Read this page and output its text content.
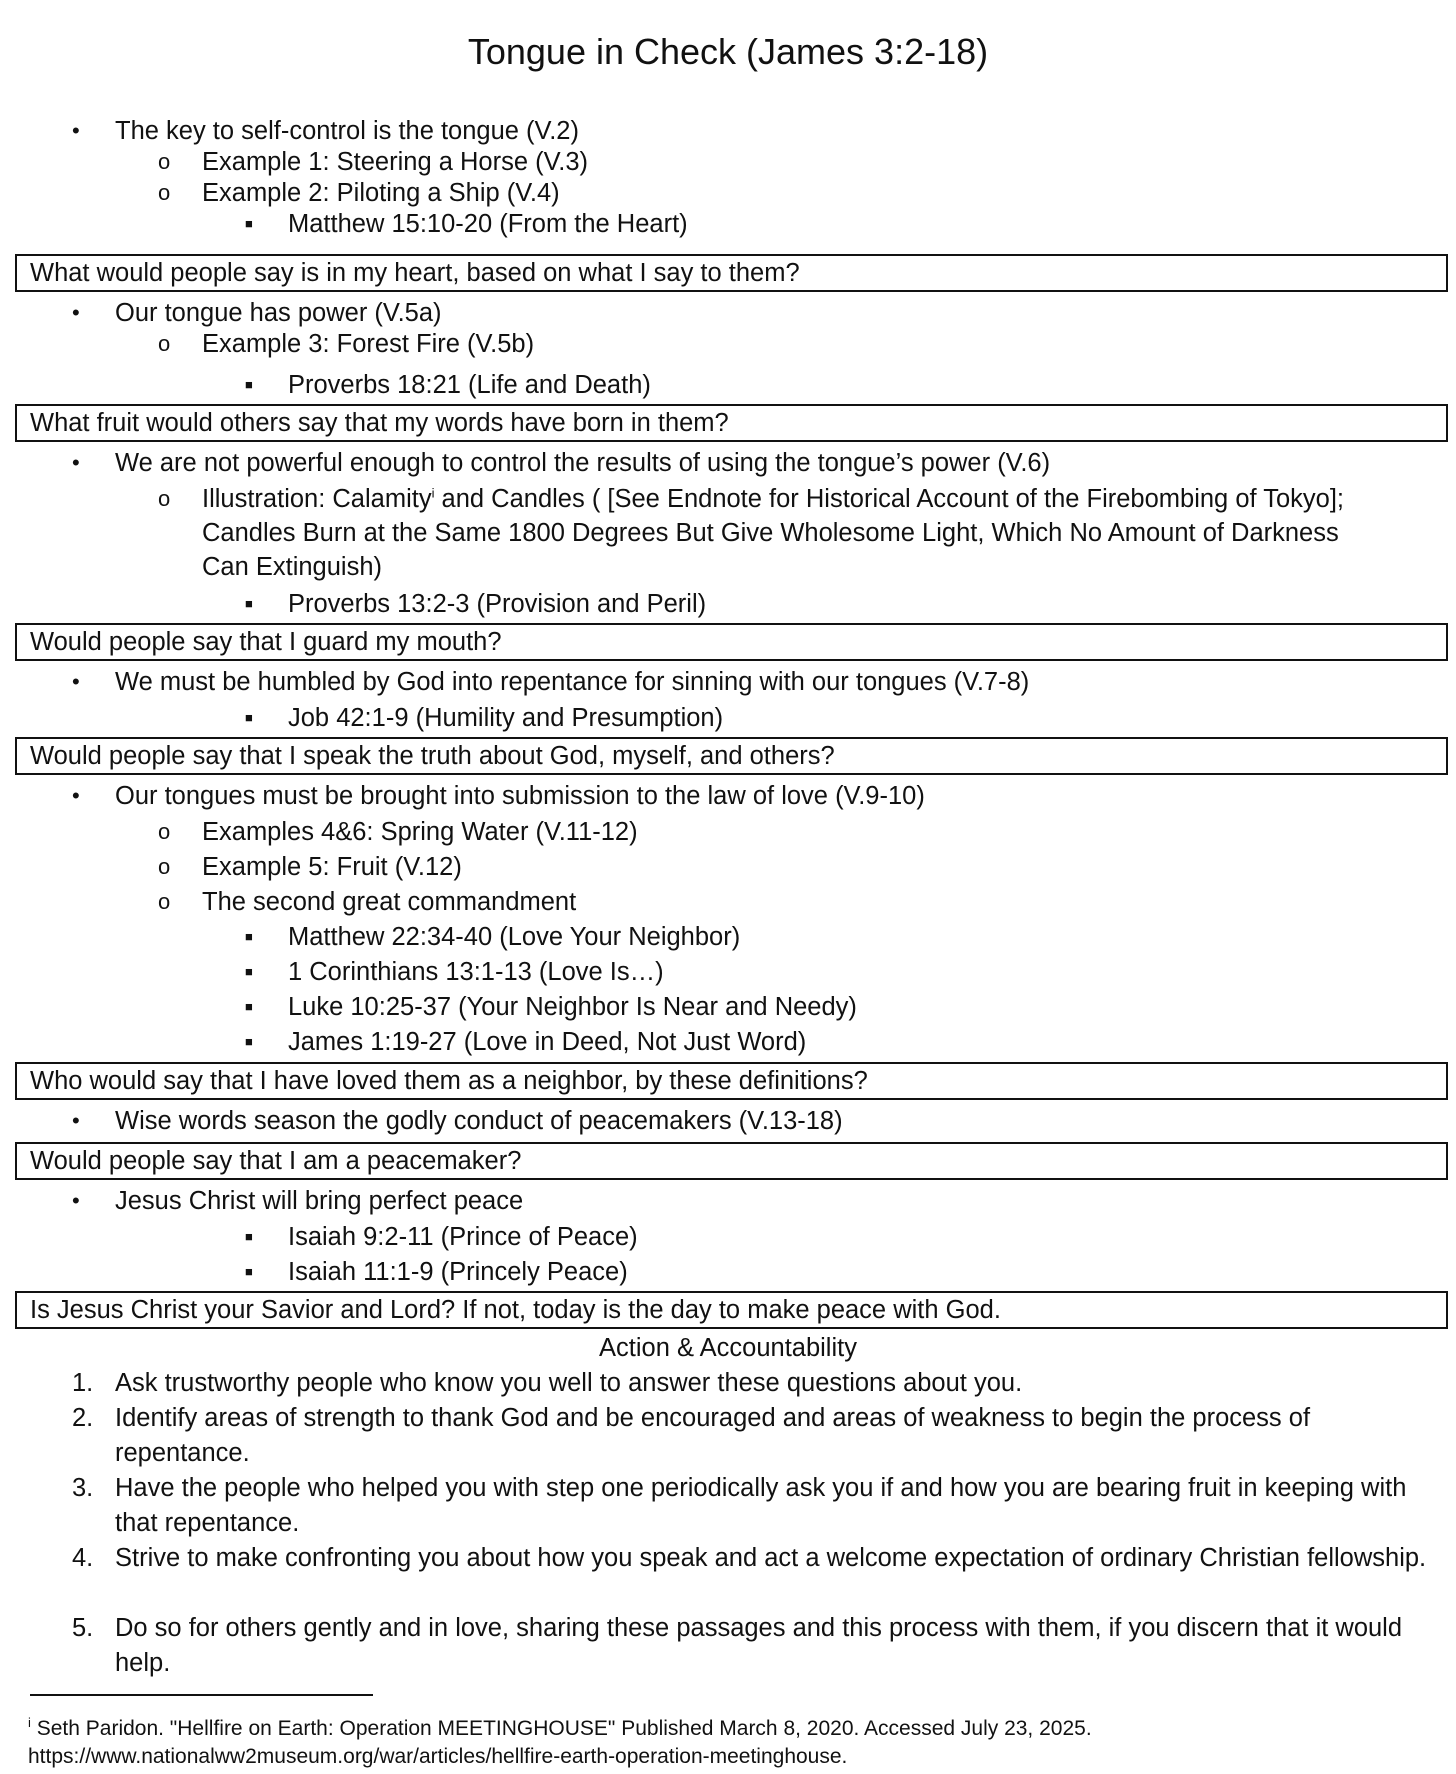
Tongue in Check (James 3:2-18)
• The key to self-control is the tongue (V.2)
o Example 1: Steering a Horse (V.3)
o Example 2: Piloting a Ship (V.4)
■ Matthew 15:10-20 (From the Heart)
What would people say is in my heart, based on what I say to them?
• Our tongue has power (V.5a)
o Example 3: Forest Fire (V.5b)
■ Proverbs 18:21 (Life and Death)
What fruit would others say that my words have born in them?
• We are not powerful enough to control the results of using the tongue’s power (V.6)
o Illustration: Calamity$^i$ and Candles ( [See Endnote for Historical Account of the Firebombing of Tokyo]; Candles Burn at the Same 1800 Degrees But Give Wholesome Light, Which No Amount of Darkness Can Extinguish)
■ Proverbs 13:2-3 (Provision and Peril)
Would people say that I guard my mouth?
• We must be humbled by God into repentance for sinning with our tongues (V.7-8)
■ Job 42:1-9 (Humility and Presumption)
Would people say that I speak the truth about God, myself, and others?
• Our tongues must be brought into submission to the law of love (V.9-10)
o Examples 4&6: Spring Water (V.11-12)
o Example 5: Fruit (V.12)
o The second great commandment
■ Matthew 22:34-40 (Love Your Neighbor)
■ 1 Corinthians 13:1-13 (Love Is…)
■ Luke 10:25-37 (Your Neighbor Is Near and Needy)
■ James 1:19-27 (Love in Deed, Not Just Word)
Who would say that I have loved them as a neighbor, by these definitions?
• Wise words season the godly conduct of peacemakers (V.13-18)
Would people say that I am a peacemaker?
• Jesus Christ will bring perfect peace
■ Isaiah 9:2-11 (Prince of Peace)
■ Isaiah 11:1-9 (Princely Peace)
Is Jesus Christ your Savior and Lord? If not, today is the day to make peace with God.
Action & Accountability
1. Ask trustworthy people who know you well to answer these questions about you.
2. Identify areas of strength to thank God and be encouraged and areas of weakness to begin the process of repentance.
3. Have the people who helped you with step one periodically ask you if and how you are bearing fruit in keeping with that repentance.
4. Strive to make confronting you about how you speak and act a welcome expectation of ordinary Christian fellowship.
5. Do so for others gently and in love, sharing these passages and this process with them, if you discern that it would help.
$^i$ Seth Paridon. "Hellfire on Earth: Operation MEETINGHOUSE" Published March 8, 2020. Accessed July 23, 2025.
https://www.nationalww2museum.org/war/articles/hellfire-earth-operation-meetinghouse.
